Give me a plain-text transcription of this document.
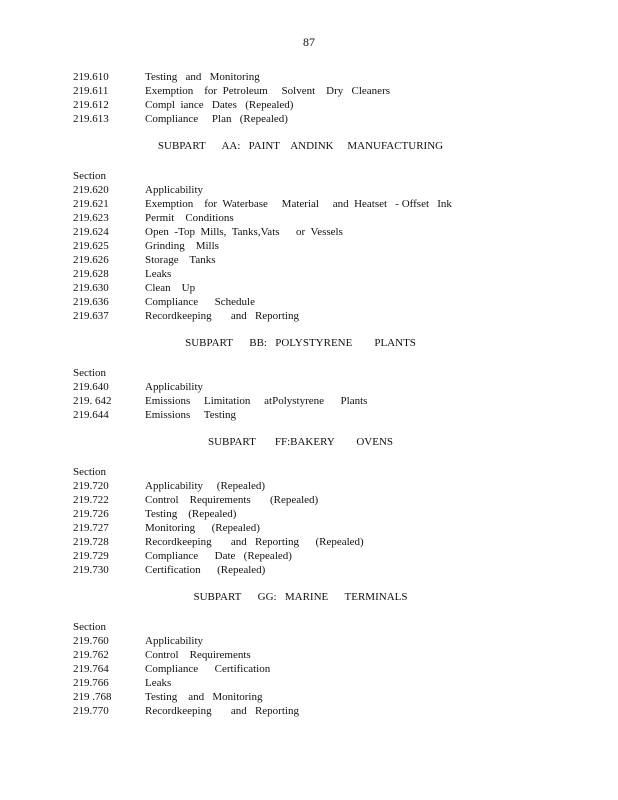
87
219.610	Testing   and   Monitoring
219.611	Exemption    for  Petroleum     Solvent    Dry   Cleaners
219.612	Compl  iance   Dates   (Repealed)
219.613	Compliance     Plan   (Repealed)
SUBPART      AA:   PAINT    ANDINK     MANUFACTURING
Section
219.620	Applicability
219.621	Exemption    for  Waterbase     Material     and  Heatset   - Offset   Ink
219.623	Permit    Conditions
219.624	Open  -Top  Mills,  Tanks,Vats      or  Vessels
219.625	Grinding    Mills
219.626	Storage    Tanks
219.628	Leaks
219.630	Clean    Up
219.636	Compliance      Schedule
219.637	Recordkeeping       and   Reporting
SUBPART      BB:   POLYSTYRENE        PLANTS
Section
219.640	Applicability
219. 642	Emissions     Limitation     atPolystyrene      Plants
219.644	Emissions     Testing
SUBPART       FF:BAKERY        OVENS
Section
219.720	Applicability     (Repealed)
219.722	Control    Requirements       (Repealed)
219.726	Testing    (Repealed)
219.727	Monitoring      (Repealed)
219.728	Recordkeeping       and   Reporting      (Repealed)
219.729	Compliance      Date   (Repealed)
219.730	Certification      (Repealed)
SUBPART      GG:   MARINE      TERMINALS
Section
219.760	Applicability
219.762	Control    Requirements
219.764	Compliance      Certification
219.766	Leaks
219 .768	Testing    and   Monitoring
219.770	Recordkeeping       and   Reporting
